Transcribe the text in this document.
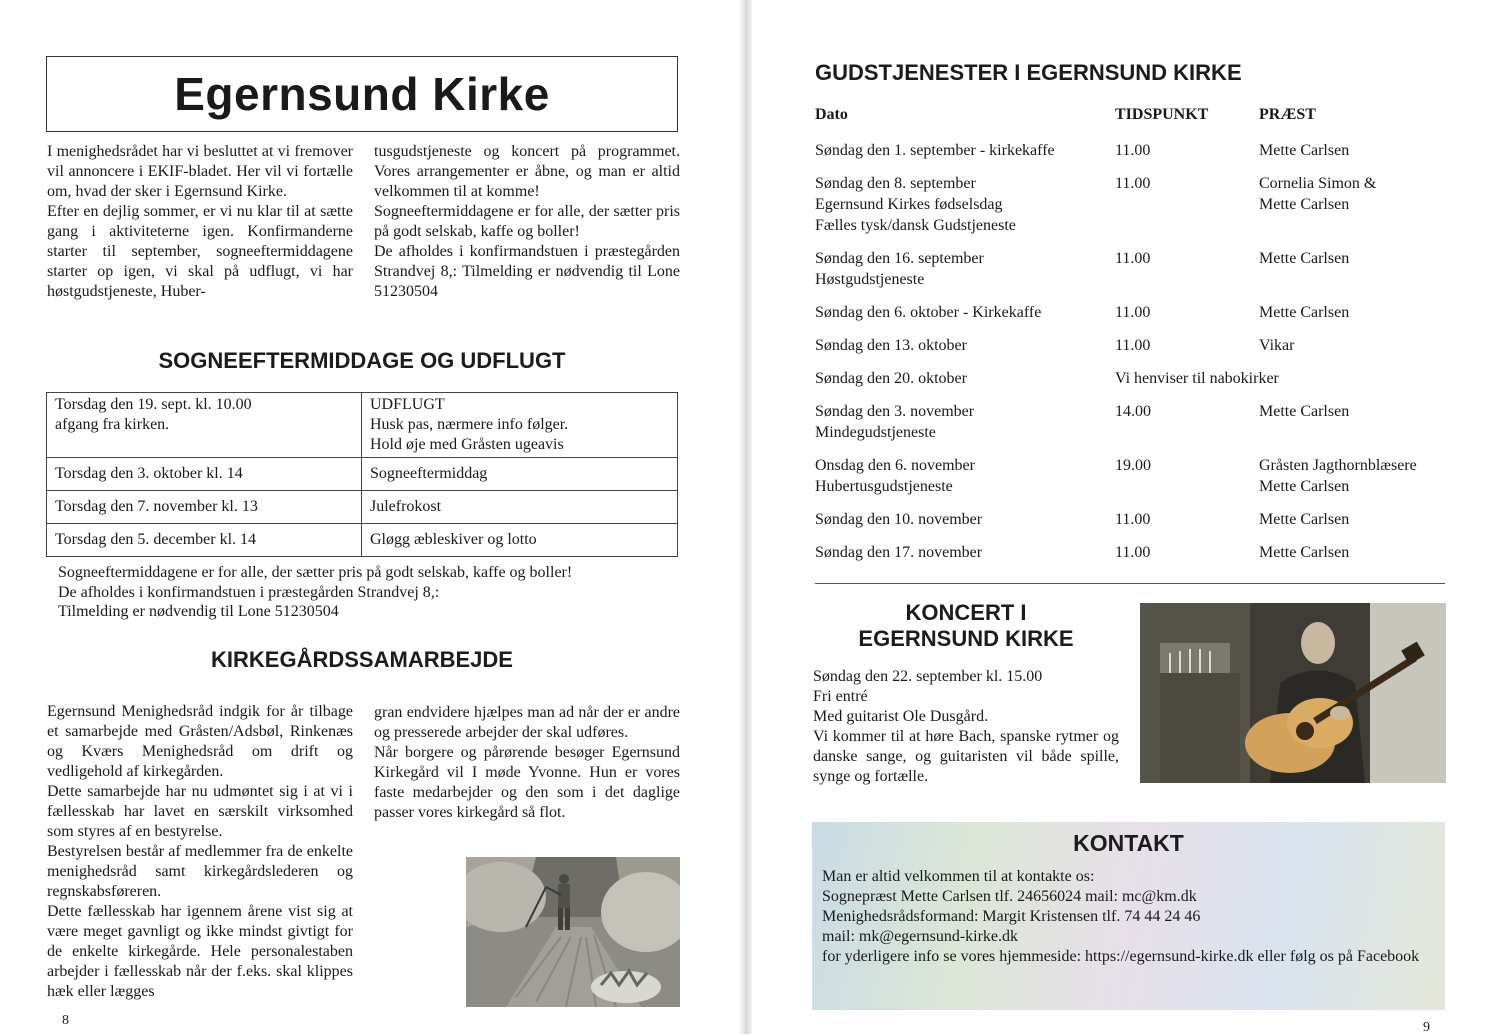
Egernsund Kirke

I menighedsrådet har vi besluttet at vi fremover vil annoncere i EKIF-bladet. Her vil vi fortælle om, hvad der sker i Egernsund Kirke.
Efter en dejlig sommer, er vi nu klar til at sætte gang i aktiviteterne igen. Konfirmanderne starter til september, sogneeftermiddagene starter op igen, vi skal på udflugt, vi har høstgudstjeneste, Huber-

tusgudstjeneste og koncert på programmet. Vores arrangementer er åbne, og man er altid velkommen til at komme!
Sogneeftermiddagene er for alle, der sætter pris på godt selskab, kaffe og boller!
De afholdes i konfirmandstuen i præstegården Strandvej 8,: Tilmelding er nødvendig til Lone 51230504

SOGNEEFTERMIDDAGE OG UDFLUGT
Torsdag den 19. sept. kl. 10.00
afgang fra kirken.	UDFLUGT
Husk pas, nærmere info følger.
Hold øje med Gråsten ugeavis
Torsdag den 3. oktober kl. 14	Sogneeftermiddag
Torsdag den 7. november kl. 13	Julefrokost
Torsdag den 5. december kl. 14	Gløgg æbleskiver og lotto

Sogneeftermiddagene er for alle, der sætter pris på godt selskab, kaffe og boller!
De afholdes i konfirmandstuen i præstegården Strandvej 8,:
Tilmelding er nødvendig til Lone 51230504

KIRKEGÅRDSSAMARBEJDE

Egernsund Menighedsråd indgik for år tilbage et samarbejde med Gråsten/Adsbøl, Rinkenæs og Kværs Menighedsråd om drift og vedligehold af kirkegården.
Dette samarbejde har nu udmøntet sig i at vi i fællesskab har lavet en særskilt virksomhed som styres af en bestyrelse.
Bestyrelsen består af medlemmer fra de enkelte menighedsråd samt kirkegårdslederen og regnskabsføreren.
Dette fællesskab har igennem årene vist sig at være meget gavnligt og ikke mindst givtigt for de enkelte kirkegårde. Hele personalestaben arbejder i fællesskab når der f.eks. skal klippes hæk eller lægges

gran endvidere hjælpes man ad når der er andre og presserede arbejder der skal udføres.
Når borgere og pårørende besøger Egernsund Kirkegård vil I møde Yvonne. Hun er vores faste medarbejder og den som i det daglige passer vores kirkegård så flot.

8
GUDSTJENESTER I EGERNSUND KIRKE
Dato	TIDSPUNKT	PRÆST
Søndag den 1. september - kirkekaffe	11.00	Mette Carlsen
Søndag den 8. september
Egernsund Kirkes fødselsdag
Fælles tysk/dansk Gudstjeneste	11.00	Cornelia Simon &
Mette Carlsen
Søndag den 16. september
Høstgudstjeneste	11.00	Mette Carlsen
Søndag den 6. oktober - Kirkekaffe	11.00	Mette Carlsen
Søndag den 13. oktober	11.00	Vikar
Søndag den 20. oktober	Vi henviser til nabokirker	
Søndag den 3. november
Mindegudstjeneste	14.00	Mette Carlsen
Onsdag den 6. november
Hubertusgudstjeneste	19.00	Gråsten Jagthornblæsere
Mette Carlsen
Søndag den 10. november	11.00	Mette Carlsen
Søndag den 17. november	11.00	Mette Carlsen
KONCERT I
EGERNSUND KIRKE

Søndag den 22. september kl. 15.00
Fri entré
Med guitarist Ole Dusgård.

Vi kommer til at høre Bach, spanske rytmer og danske sange, og guitaristen vil både spille, synge og fortælle.

KONTAKT
Man er altid velkommen til at kontakte os:
Sognepræst Mette Carlsen tlf. 24656024 mail: mc@km.dk
Menighedsrådsformand: Margit Kristensen tlf. 74 44 24 46
mail: mk@egernsund-kirke.dk
for yderligere info se vores hjemmeside: https://egernsund-kirke.dk eller følg os på Facebook
9
